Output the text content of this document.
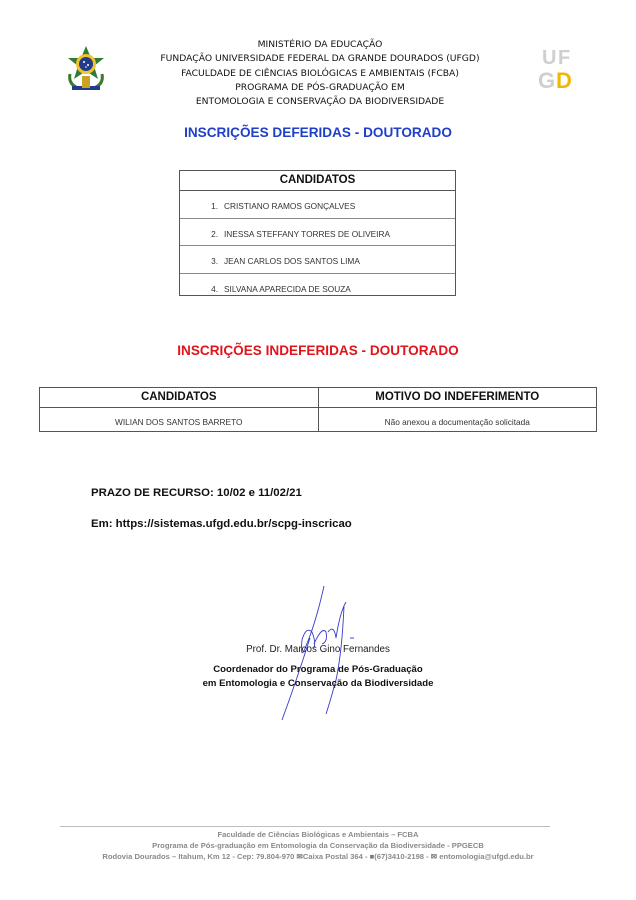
MINISTÉRIO DA EDUCAÇÃO
FUNDAÇÃO UNIVERSIDADE FEDERAL DA GRANDE DOURADOS (UFGD)
FACULDADE DE CIÊNCIAS BIOLÓGICAS E AMBIENTAIS (FCBA)
PROGRAMA DE PÓS-GRADUAÇÃO EM
ENTOMOLOGIA E CONSERVAÇÃO DA BIODIVERSIDADE
U F
G D
INSCRIÇÕES DEFERIDAS - DOUTORADO
CANDIDATOS
1. CRISTIANO RAMOS GONÇALVES
2. INESSA STEFFANY TORRES DE OLIVEIRA
3. JEAN CARLOS DOS SANTOS LIMA
4. SILVANA APARECIDA DE SOUZA
INSCRIÇÕES INDEFERIDAS - DOUTORADO
CANDIDATOS	MOTIVO DO INDEFERIMENTO
WILIAN DOS SANTOS BARRETO	Não anexou a documentação solicitada
PRAZO DE RECURSO: 10/02 e 11/02/21
Em: https://sistemas.ufgd.edu.br/scpg-inscricao
Prof. Dr. Marcos Gino Fernandes
Coordenador do Programa de Pós-Graduação
em Entomologia e Conservação da Biodiversidade
Faculdade de Ciências Biológicas e Ambientais – FCBA
Programa de Pós-graduação em Entomologia da Conservação da Biodiversidade - PPGECB
Rodovia Dourados – Itahum, Km 12 - Cep: 79.804-970 ✉Caixa Postal 364 - ■(67)3410-2198 - ✉ entomologia@ufgd.edu.br
